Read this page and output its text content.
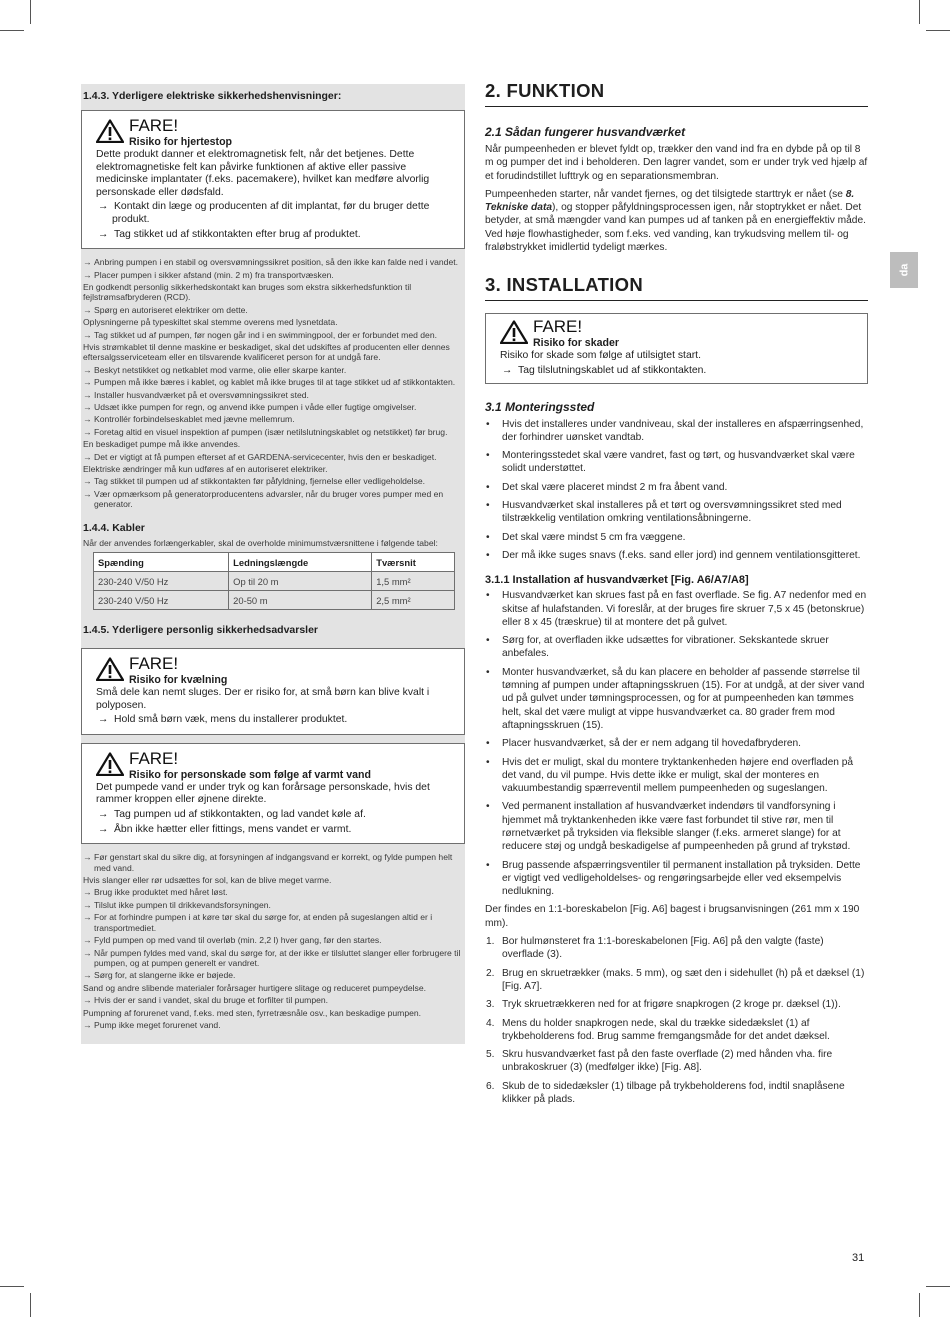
1.4.3. Yderligere elektriske sikkerhedshenvisninger:
FARE!
Risiko for hjertestop
Dette produkt danner et elektromagnetisk felt, når det betjenes. Dette elektromagnetiske felt kan påvirke funktionen af aktive eller passive medicinske implantater (f.eks. pacemakere), hvilket kan medføre alvorlig personskade eller dødsfald.
→ Kontakt din læge og producenten af dit implantat, før du bruger dette produkt.
→ Tag stikket ud af stikkontakten efter brug af produktet.
→ Anbring pumpen i en stabil og oversvømningssikret position, så den ikke kan falde ned i vandet.
→ Placer pumpen i sikker afstand (min. 2 m) fra transportvæsken.
En godkendt personlig sikkerhedskontakt kan bruges som ekstra sikkerhedsfunktion til fejlstrømsafbryderen (RCD).
→ Spørg en autoriseret elektriker om dette.
Oplysningerne på typeskiltet skal stemme overens med lysnetdata.
→ Tag stikket ud af pumpen, før nogen går ind i en swimmingpool, der er forbundet med den.
Hvis strømkablet til denne maskine er beskadiget, skal det udskiftes af producenten eller dennes eftersalgsserviceteam eller en tilsvarende kvalificeret person for at undgå fare.
→ Beskyt netstikket og netkablet mod varme, olie eller skarpe kanter.
→ Pumpen må ikke bæres i kablet, og kablet må ikke bruges til at tage stikket ud af stikkontakten.
→ Installer husvandværket på et oversvømningssikret sted.
→ Udsæt ikke pumpen for regn, og anvend ikke pumpen i våde eller fugtige omgivelser.
→ Kontrollér forbindelseskablet med jævne mellemrum.
→ Foretag altid en visuel inspektion af pumpen (især netilslutningskablet og netstikket) før brug.
En beskadiget pumpe må ikke anvendes.
→ Det er vigtigt at få pumpen efterset af et GARDENA-servicecenter, hvis den er beskadiget.
Elektriske ændringer må kun udføres af en autoriseret elektriker.
→ Tag stikket til pumpen ud af stikkontakten før påfyldning, fjernelse eller vedligeholdelse.
→ Vær opmærksom på generatorproducentens advarsler, når du bruger vores pumper med en generator.
1.4.4. Kabler
Når der anvendes forlængerkabler, skal de overholde minimumstværsnittene i følgende tabel:
Spænding	Ledningslængde	Tværsnit
230-240 V/50 Hz	Op til 20 m	1,5 mm²
230-240 V/50 Hz	20-50 m	2,5 mm²
1.4.5. Yderligere personlig sikkerhedsadvarsler
FARE!
Risiko for kvælning
Små dele kan nemt sluges. Der er risiko for, at små børn kan blive kvalt i polyposen.
→ Hold små børn væk, mens du installerer produktet.
FARE!
Risiko for personskade som følge af varmt vand
Det pumpede vand er under tryk og kan forårsage personskade, hvis det rammer kroppen eller øjnene direkte.
→ Tag pumpen ud af stikkontakten, og lad vandet køle af.
→ Åbn ikke hætter eller fittings, mens vandet er varmt.
→ Før genstart skal du sikre dig, at forsyningen af indgangsvand er korrekt, og fylde pumpen helt med vand.
Hvis slanger eller rør udsættes for sol, kan de blive meget varme.
→ Brug ikke produktet med håret løst.
→ Tilslut ikke pumpen til drikkevandsforsyningen.
→ For at forhindre pumpen i at køre tør skal du sørge for, at enden på sugeslangen altid er i transportmediet.
→ Fyld pumpen op med vand til overløb (min. 2,2 l) hver gang, før den startes.
→ Når pumpen fyldes med vand, skal du sørge for, at der ikke er tilsluttet slanger eller forbrugere til pumpen, og at pumpen generelt er vandret.
→ Sørg for, at slangerne ikke er bøjede.
Sand og andre slibende materialer forårsager hurtigere slitage og reduceret pumpeydelse.
→ Hvis der er sand i vandet, skal du bruge et forfilter til pumpen.
Pumpning af forurenet vand, f.eks. med sten, fyrretræsnåle osv., kan beskadige pumpen.
→ Pump ikke meget forurenet vand.
2. FUNKTION
2.1 Sådan fungerer husvandværket
Når pumpeenheden er blevet fyldt op, trækker den vand ind fra en dybde på op til 8 m og pumper det ind i beholderen. Den lagrer vandet, som er under tryk ved hjælp af et forudindstillet lufttryk og en separationsmembran.
Pumpeenheden starter, når vandet fjernes, og det tilsigtede starttryk er nået (se 8. Tekniske data), og stopper påfyldningsprocessen igen, når stoptrykket er nået. Det betyder, at små mængder vand kan pumpes ud af tanken på en energieffektiv måde. Ved høje flowhastigheder, som f.eks. ved vanding, kan trykudsving mellem til- og fraløbstrykket imidlertid tydeligt mærkes.
3. INSTALLATION
FARE!
Risiko for skader
Risiko for skade som følge af utilsigtet start.
→ Tag tilslutningskablet ud af stikkontakten.
3.1 Monteringssted
• Hvis det installeres under vandniveau, skal der installeres en afspærringsenhed, der forhindrer uønsket vandtab.
• Monteringsstedet skal være vandret, fast og tørt, og husvandværket skal være solidt understøttet.
• Det skal være placeret mindst 2 m fra åbent vand.
• Husvandværket skal installeres på et tørt og oversvømningssikret sted med tilstrækkelig ventilation omkring ventilationsåbningerne.
• Det skal være mindst 5 cm fra væggene.
• Der må ikke suges snavs (f.eks. sand eller jord) ind gennem ventilationsgitteret.
3.1.1 Installation af husvandværket [Fig. A6/A7/A8]
• Husvandværket kan skrues fast på en fast overflade. Se fig. A7 nedenfor med en skitse af hulafstanden. Vi foreslår, at der bruges fire skruer 7,5 x 45 (betonskrue) eller 8 x 45 (træskrue) til at montere det på gulvet.
• Sørg for, at overfladen ikke udsættes for vibrationer. Sekskantede skruer anbefales.
• Monter husvandværket, så du kan placere en beholder af passende størrelse til tømning af pumpen under aftapningsskruen (15). For at undgå, at der siver vand ud på gulvet under tømningsprocessen, og for at pumpeenheden kan tømmes helt, skal det være muligt at vippe husvandværket ca. 80 grader frem mod aftapningsskruen (15).
• Placer husvandværket, så der er nem adgang til hovedafbryderen.
• Hvis det er muligt, skal du montere tryktankenheden højere end overfladen på det vand, du vil pumpe. Hvis dette ikke er muligt, skal der monteres en vakuumbestandig spærreventil mellem pumpeenheden og sugeslangen.
• Ved permanent installation af husvandværket indendørs til vandforsyning i hjemmet må tryktankenheden ikke være fast forbundet til stive rør, men til rørnetværket på tryksiden via fleksible slanger (f.eks. armeret slange) for at reducere støj og undgå beskadigelse af pumpeenheden på grund af trykstød.
• Brug passende afspærringsventiler til permanent installation på tryksiden. Dette er vigtigt ved vedligeholdelses- og rengøringsarbejde eller ved eksempelvis nedlukning.
Der findes en 1:1-boreskabelon [Fig. A6] bagest i brugsanvisningen (261 mm x 190 mm).
1. Bor hulmønsteret fra 1:1-boreskabelonen [Fig. A6] på den valgte (faste) overflade (3).
2. Brug en skruetrækker (maks. 5 mm), og sæt den i sidehullet (h) på et dæksel (1) [Fig. A7].
3. Tryk skruetrækkeren ned for at frigøre snapkrogen (2 kroge pr. dæksel (1)).
4. Mens du holder snapkrogen nede, skal du trække sidedækslet (1) af trykbeholderens fod. Brug samme fremgangsmåde for det andet dæksel.
5. Skru husvandværket fast på den faste overflade (2) med hånden vha. fire unbrakoskruer (3) (medfølger ikke) [Fig. A8].
6. Skub de to sidedæksler (1) tilbage på trykbeholderens fod, indtil snaplåsene klikker på plads.
da
31
